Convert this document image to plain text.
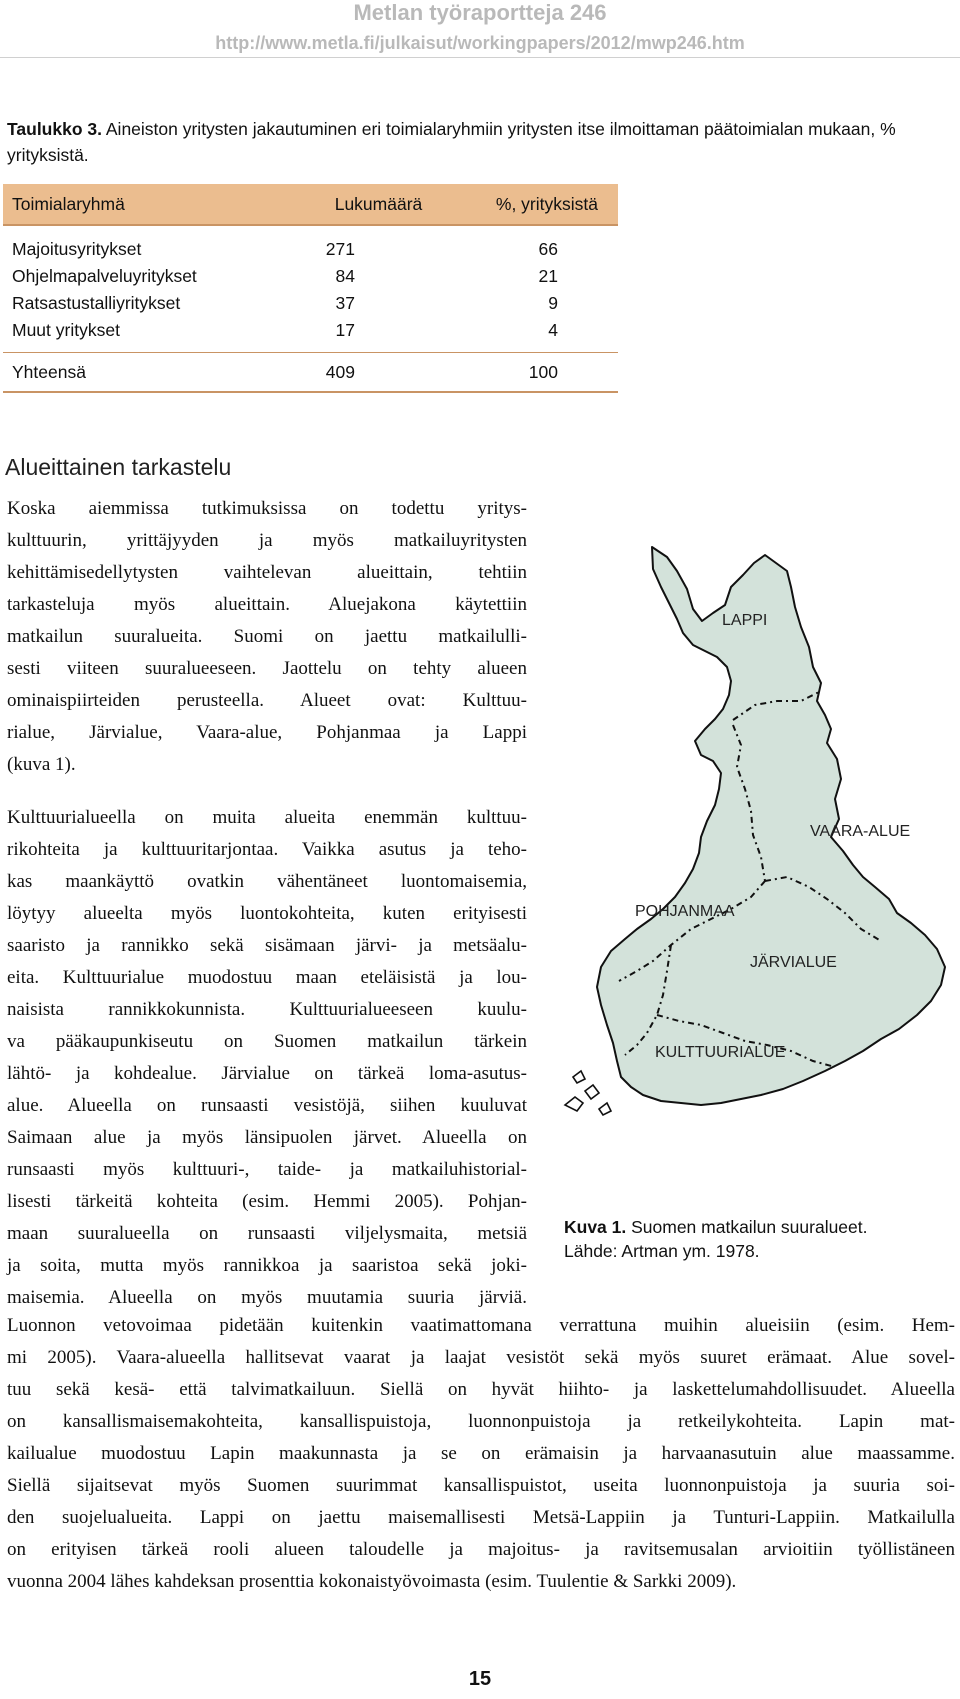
Metlan työraportteja 246
http://www.metla.fi/julkaisut/workingpapers/2012/mwp246.htm
Taulukko 3. Aineiston yritysten jakautuminen eri toimialaryhmiin yritysten itse ilmoittaman päätoimialan mukaan, % yrityksistä.
Toimialaryhmä	Lukumäärä	%, yrityksistä
Majoitusyritykset	271	66
Ohjelmapalveluyritykset	84	21
Ratsastustalliyritykset	37	9
Muut yritykset	17	4
Yhteensä	409	100
Alueittainen tarkastelu
Koska aiemmissa tutkimuksissa on todettu yritys-
kulttuurin, yrittäjyyden ja myös matkailuyritysten
kehittämisedellytysten vaihtelevan alueittain, tehtiin
tarkasteluja myös alueittain. Aluejakona käytettiin
matkailun suuralueita. Suomi on jaettu matkailulli-
sesti viiteen suuralueeseen. Jaottelu on tehty alueen
ominaispiirteiden perusteella. Alueet ovat: Kulttuu-
rialue, Järvialue, Vaara-alue, Pohjanmaa ja Lappi
(kuva 1).
Kulttuurialueella on muita alueita enemmän kulttuu-
rikohteita ja kulttuuritarjontaa. Vaikka asutus ja teho-
kas maankäyttö ovatkin vähentäneet luontomaisemia,
löytyy alueelta myös luontokohteita, kuten erityisesti
saaristo ja rannikko sekä sisämaan järvi- ja metsäalu-
eita. Kulttuurialue muodostuu maan eteläisistä ja lou-
naisista rannikkokunnista. Kulttuurialueeseen kuulu-
va pääkaupunkiseutu on Suomen matkailun tärkein
lähtö- ja kohdealue. Järvialue on tärkeä loma-asutus-
alue. Alueella on runsaasti vesistöjä, siihen kuuluvat
Saimaan alue ja myös länsipuolen järvet. Alueella on
runsaasti myös kulttuuri-, taide- ja matkailuhistorial-
lisesti tärkeitä kohteita (esim. Hemmi 2005). Pohjan-
maan suuralueella on runsaasti viljelysmaita, metsiä
ja soita, mutta myös rannikkoa ja saaristoa sekä joki-
maisemia. Alueella on myös muutamia suuria järviä.
Luonnon vetovoimaa pidetään kuitenkin vaatimattomana verrattuna muihin alueisiin (esim. Hem-
mi 2005). Vaara-alueella hallitsevat vaarat ja laajat vesistöt sekä myös suuret erämaat. Alue sovel-
tuu sekä kesä- että talvimatkailuun. Siellä on hyvät hiihto- ja laskettelumahdollisuudet. Alueella
on kansallismaisemakohteita, kansallispuistoja, luonnonpuistoja ja retkeilykohteita. Lapin mat-
kailualue muodostuu Lapin maakunnasta ja se on erämaisin ja harvaanasutuin alue maassamme.
Siellä sijaitsevat myös Suomen suurimmat kansallispuistot, useita luonnonpuistoja ja suuria soi-
den suojelualueita. Lappi on jaettu maisemallisesti Metsä-Lappiin ja Tunturi-Lappiin. Matkailulla
on erityisen tärkeä rooli alueen taloudelle ja majoitus- ja ravitsemusalan arvioitiin työllistäneen
vuonna 2004 lähes kahdeksan prosenttia kokonaistyövoimasta (esim. Tuulentie & Sarkki 2009).
LAPPI
VAARA-ALUE
POHJANMAA
JÄRVIALUE
KULTTUURIALUE
Kuva 1. Suomen matkailun suuralueet.
Lähde: Artman ym. 1978.
15
